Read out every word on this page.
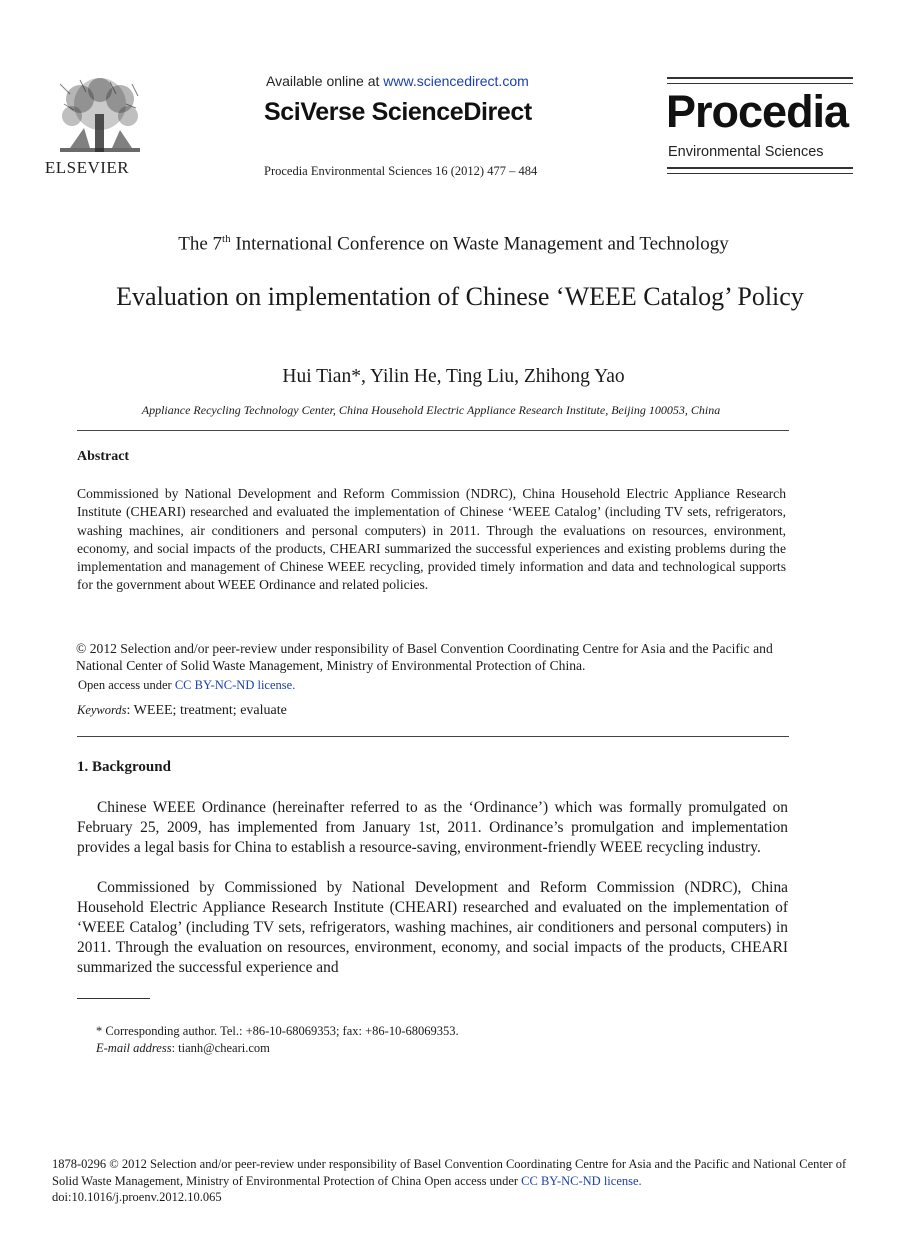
ELSEVIER
Available online at www.sciencedirect.com
SciVerse ScienceDirect
Procedia Environmental Sciences 16 (2012) 477 – 484
Procedia
Environmental Sciences
The 7th International Conference on Waste Management and Technology
Evaluation on implementation of Chinese ‘WEEE Catalog’ Policy
Hui Tian*, Yilin He, Ting Liu, Zhihong Yao
Appliance Recycling Technology Center, China Household Electric Appliance Research Institute, Beijing 100053, China
Abstract
Commissioned by National Development and Reform Commission (NDRC), China Household Electric Appliance Research Institute (CHEARI) researched and evaluated the implementation of Chinese ‘WEEE Catalog’ (including TV sets, refrigerators, washing machines, air conditioners and personal computers) in 2011. Through the evaluations on resources, environment, economy, and social impacts of the products, CHEARI summarized the successful experiences and existing problems during the implementation and management of Chinese WEEE recycling, provided timely information and data and technological supports for the government about WEEE Ordinance and related policies.
© 2012 Selection and/or peer-review under responsibility of Basel Convention Coordinating Centre for Asia and the Pacific and National Center of Solid Waste Management, Ministry of Environmental Protection of China.
Open access under CC BY-NC-ND license.
Keywords: WEEE; treatment; evaluate
1. Background
Chinese WEEE Ordinance (hereinafter referred to as the ‘Ordinance’) which was formally promulgated on February 25, 2009, has implemented from January 1st, 2011. Ordinance’s promulgation and implementation provides a legal basis for China to establish a resource-saving, environment-friendly WEEE recycling industry.
Commissioned by Commissioned by National Development and Reform Commission (NDRC), China Household Electric Appliance Research Institute (CHEARI) researched and evaluated on the implementation of ‘WEEE Catalog’ (including TV sets, refrigerators, washing machines, air conditioners and personal computers) in 2011. Through the evaluation on resources, environment, economy, and social impacts of the products, CHEARI summarized the successful experience and
* Corresponding author. Tel.: +86-10-68069353; fax: +86-10-68069353.
E-mail address: tianh@cheari.com
1878-0296 © 2012 Selection and/or peer-review under responsibility of Basel Convention Coordinating Centre for Asia and the Pacific and National Center of Solid Waste Management, Ministry of Environmental Protection of China Open access under CC BY-NC-ND license.
doi:10.1016/j.proenv.2012.10.065
